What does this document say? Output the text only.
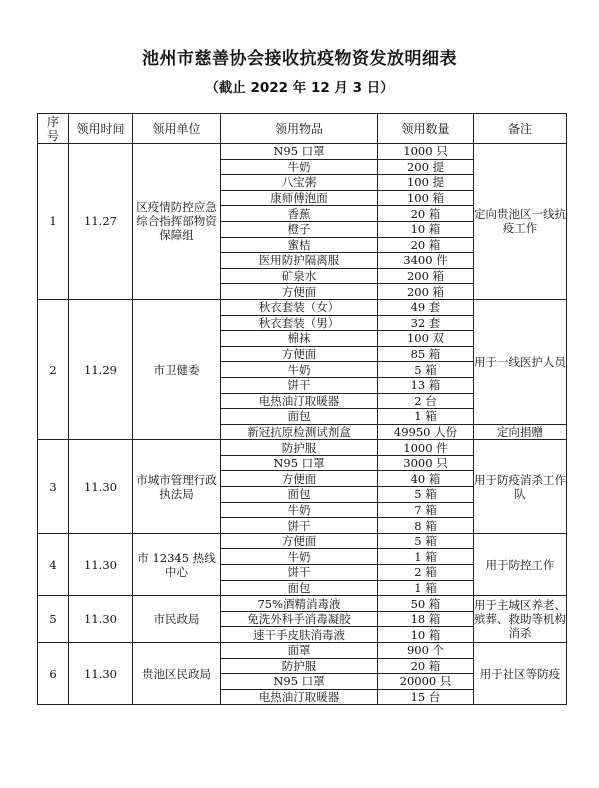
池州市慈善协会接收抗疫物资发放明细表
（截止 2022 年 12 月 3 日）
序号	领用时间	领用单位	领用物品	领用数量	备注
1	11.27	区疫情防控应急综合指挥部物资保障组	N95 口罩	1000 只	定向贵池区一线抗疫工作
			牛奶	200 提	
			八宝粥	100 提	
			康师傅泡面	100 箱	
			香蕉	20 箱	
			橙子	10 箱	
			蜜桔	20 箱	
			医用防护隔离服	3400 件	
			矿泉水	200 箱	
			方便面	200 箱	
2	11.29	市卫健委	秋衣套装（女）	49 套	用于一线医护人员
			秋衣套装（男）	32 套	
			棉袜	100 双	
			方便面	85 箱	
			牛奶	5 箱	
			饼干	13 箱	
			电热油汀取暖器	2 台	
			面包	1 箱	
			新冠抗原检测试剂盒	49950 人份	定向捐赠
3	11.30	市城市管理行政执法局	防护服	1000 件	用于防疫消杀工作队
			N95 口罩	3000 只	
			方便面	40 箱	
			面包	5 箱	
			牛奶	7 箱	
			饼干	8 箱	
4	11.30	市 12345 热线中心	方便面	5 箱	用于防控工作
			牛奶	1 箱	
			饼干	2 箱	
			面包	1 箱	
5	11.30	市民政局	75%酒精消毒液	50 箱	用于主城区养老、殡葬、救助等机构消杀
			免洗外科手消毒凝胶	18 箱	
			速干手皮肤消毒液	10 箱	
6	11.30	贵池区民政局	面罩	900 个	用于社区等防疫
			防护服	20 箱	
			N95 口罩	20000 只	
			电热油汀取暖器	15 台	
